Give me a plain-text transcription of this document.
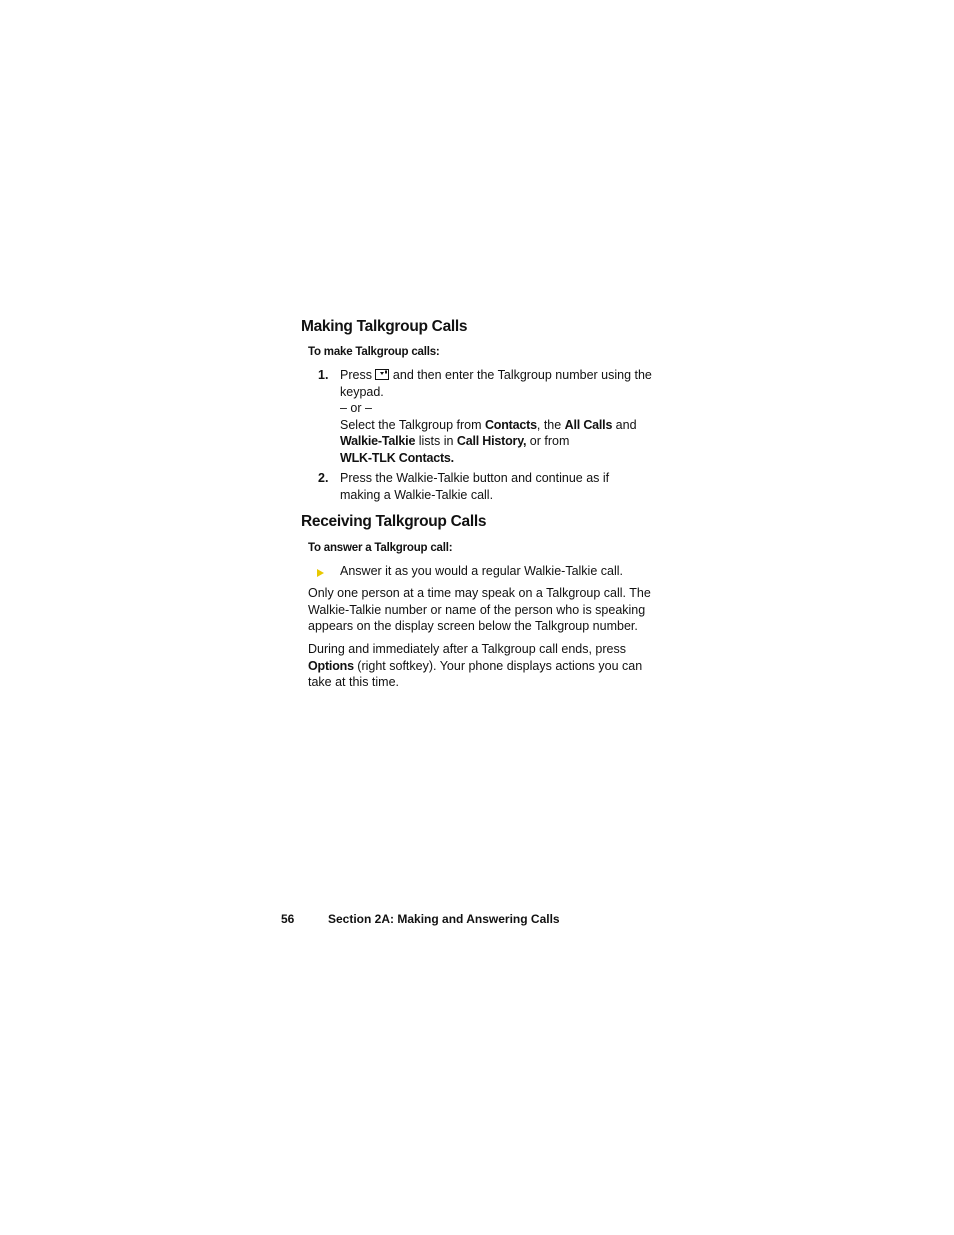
Making Talkgroup Calls

To make Talkgroup calls:

1. Press  and then enter the Talkgroup number using the
keypad.
– or –
Select the Talkgroup from Contacts, the All Calls and
Walkie-Talkie lists in Call History, or from
WLK-TLK Contacts.
2. Press the Walkie-Talkie button and continue as if
making a Walkie-Talkie call.
Receiving Talkgroup Calls

To answer a Talkgroup call:

Answer it as you would a regular Walkie-Talkie call.
Only one person at a time may speak on a Talkgroup call. The
Walkie-Talkie number or name of the person who is speaking
appears on the display screen below the Talkgroup number.
During and immediately after a Talkgroup call ends, press
Options (right softkey). Your phone displays actions you can
take at this time.
56	Section 2A: Making and Answering Calls
